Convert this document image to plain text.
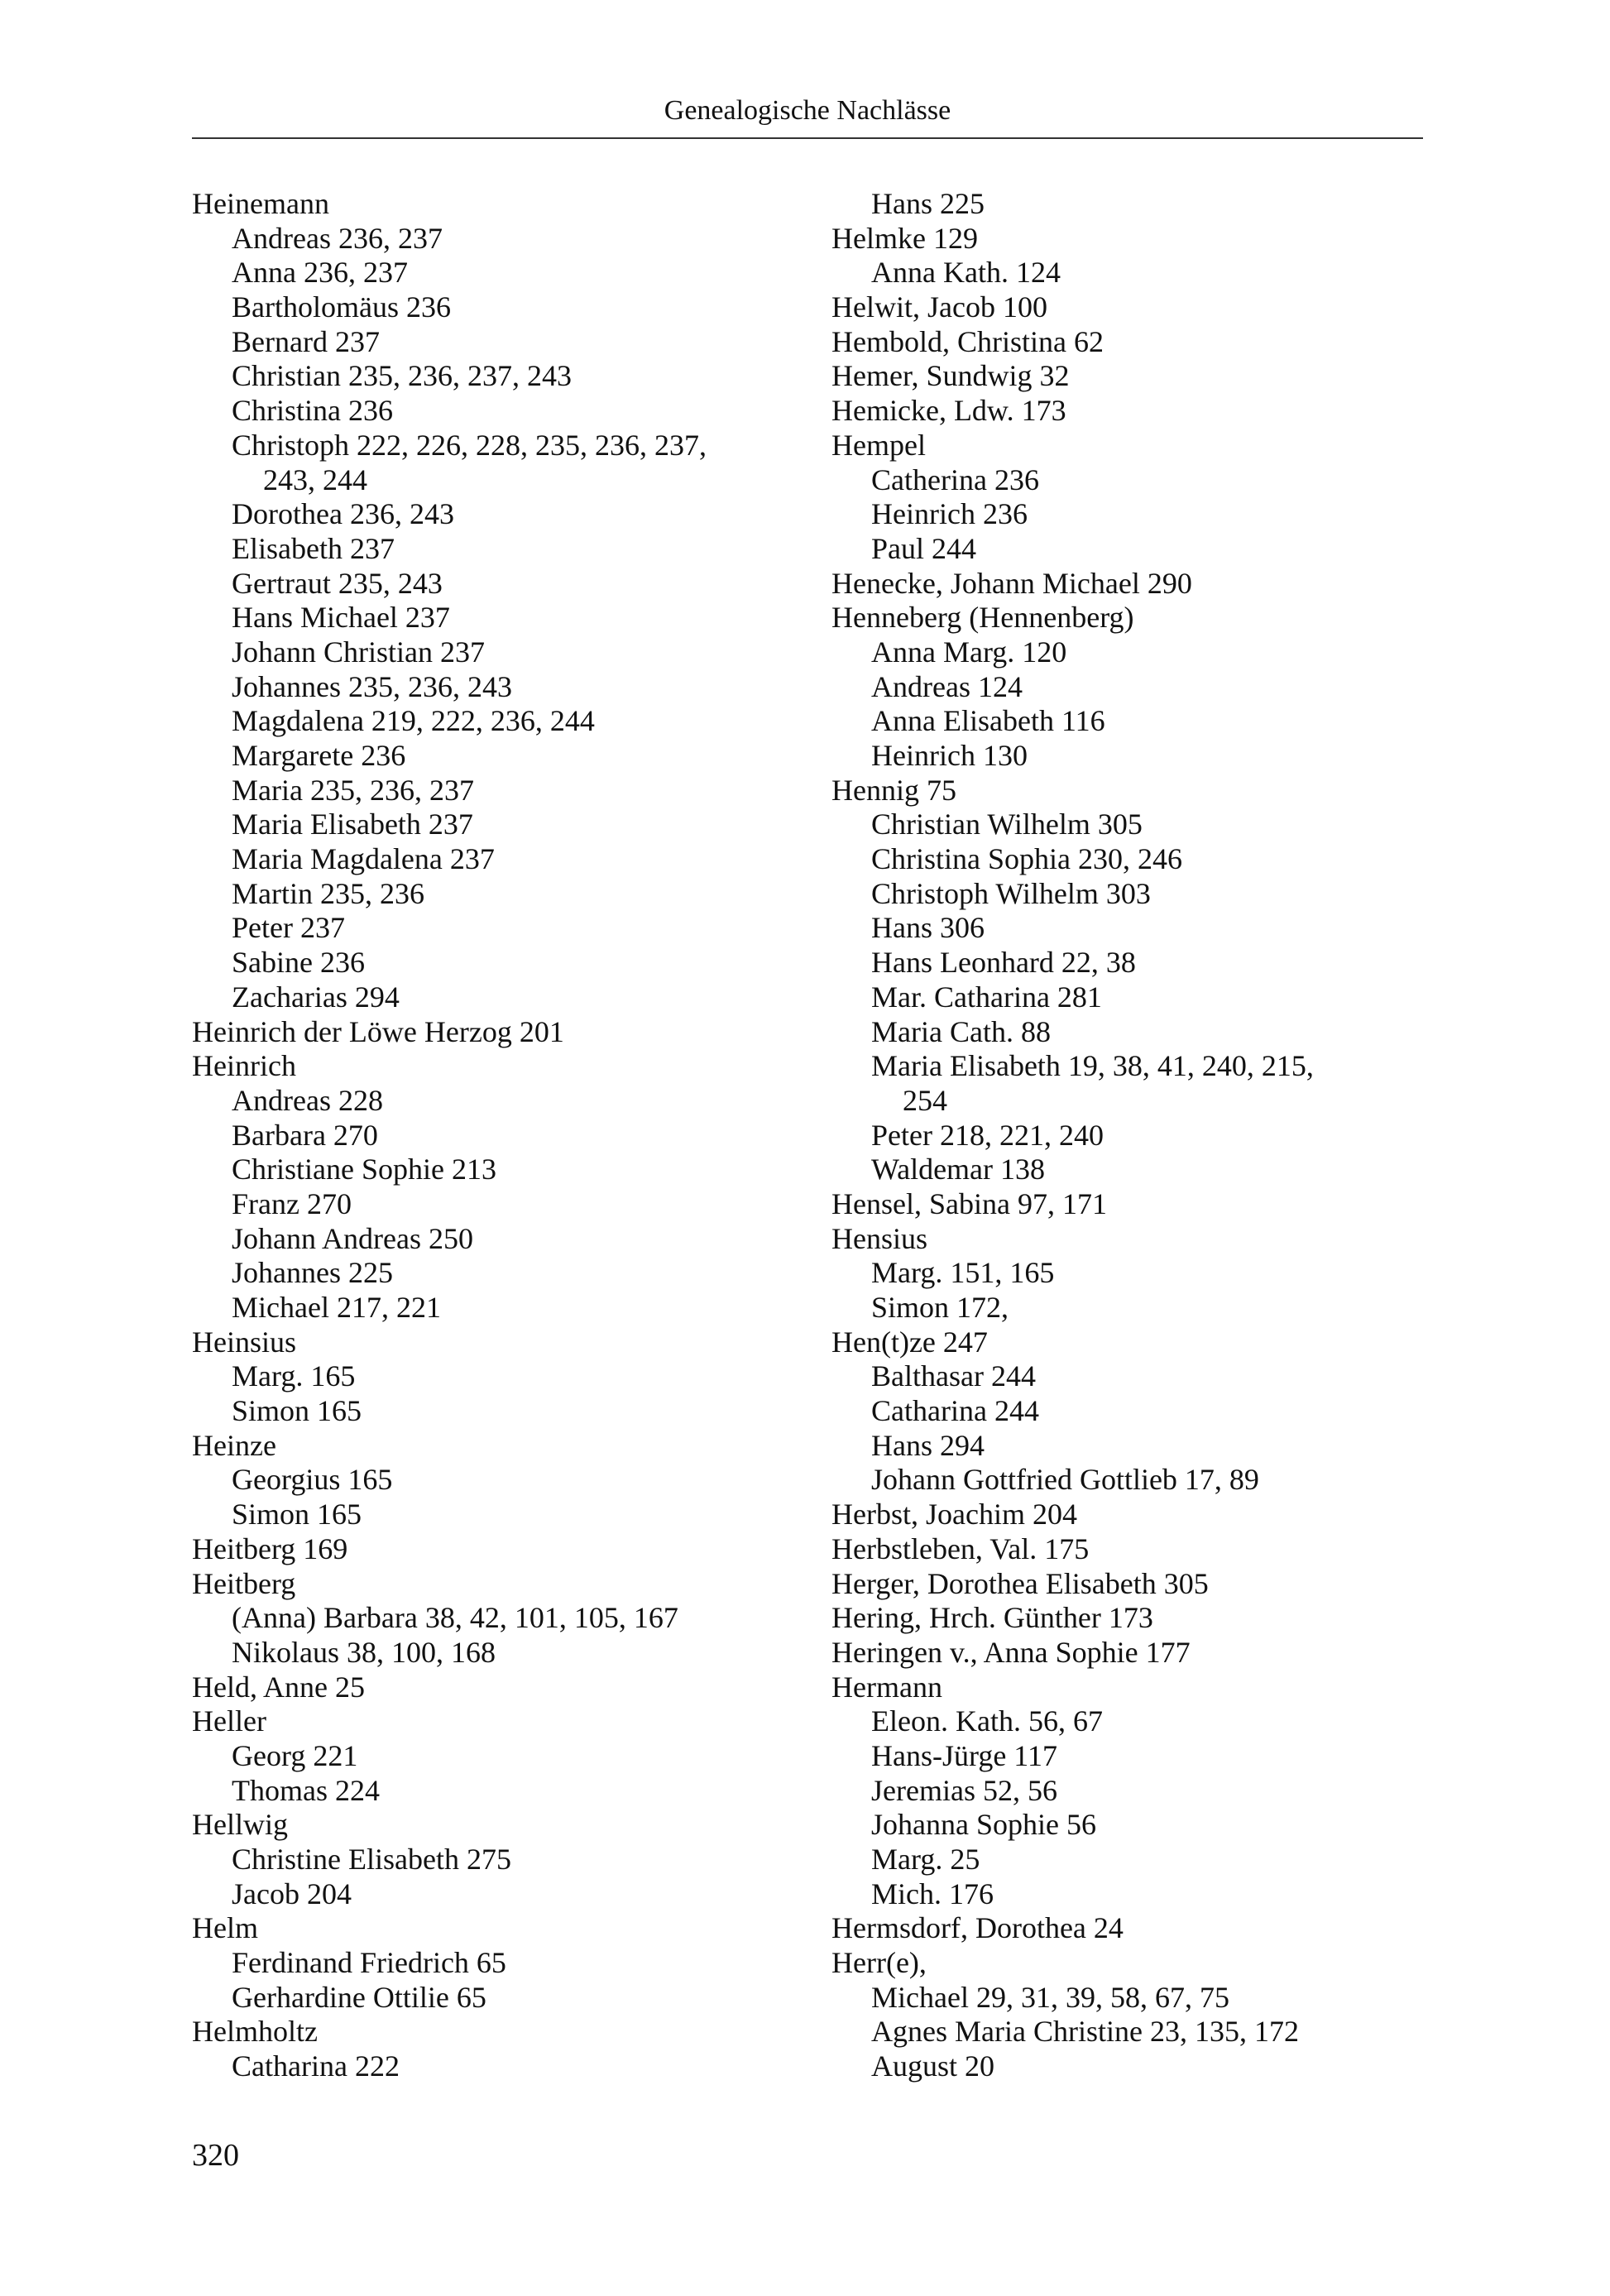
Genealogische Nachlässe
Heinemann
Andreas 236, 237
Anna 236, 237
Bartholomäus 236
Bernard 237
Christian 235, 236, 237, 243
Christina 236
Christoph 222, 226, 228, 235, 236, 237,
243, 244
Dorothea 236, 243
Elisabeth 237
Gertraut 235, 243
Hans Michael 237
Johann Christian 237
Johannes 235, 236, 243
Magdalena 219, 222, 236, 244
Margarete 236
Maria 235, 236, 237
Maria Elisabeth 237
Maria Magdalena 237
Martin 235, 236
Peter 237
Sabine 236
Zacharias 294
Heinrich der Löwe Herzog 201
Heinrich
Andreas 228
Barbara 270
Christiane Sophie 213
Franz 270
Johann Andreas 250
Johannes 225
Michael 217, 221
Heinsius
Marg. 165
Simon 165
Heinze
Georgius 165
Simon 165
Heitberg 169
Heitberg
(Anna) Barbara 38, 42, 101, 105, 167
Nikolaus 38, 100, 168
Held, Anne 25
Heller
Georg 221
Thomas 224
Hellwig
Christine Elisabeth 275
Jacob 204
Helm
Ferdinand Friedrich 65
Gerhardine Ottilie 65
Helmholtz
Catharina 222
Hans 225
Helmke 129
Anna Kath. 124
Helwit, Jacob 100
Hembold, Christina 62
Hemer, Sundwig 32
Hemicke, Ldw. 173
Hempel
Catherina 236
Heinrich 236
Paul 244
Henecke, Johann Michael 290
Henneberg (Hennenberg)
Anna Marg. 120
Andreas 124
Anna Elisabeth 116
Heinrich 130
Hennig 75
Christian Wilhelm 305
Christina Sophia 230, 246
Christoph Wilhelm 303
Hans 306
Hans Leonhard 22, 38
Mar. Catharina 281
Maria Cath. 88
Maria Elisabeth 19, 38, 41, 240, 215,
254
Peter 218, 221, 240
Waldemar 138
Hensel, Sabina 97, 171
Hensius
Marg. 151, 165
Simon 172,
Hen(t)ze 247
Balthasar 244
Catharina 244
Hans 294
Johann Gottfried Gottlieb 17, 89
Herbst, Joachim 204
Herbstleben, Val. 175
Herger, Dorothea Elisabeth 305
Hering, Hrch. Günther 173
Heringen v., Anna Sophie 177
Hermann
Eleon. Kath. 56, 67
Hans-Jürge 117
Jeremias 52, 56
Johanna Sophie 56
Marg. 25
Mich. 176
Hermsdorf, Dorothea 24
Herr(e),
Michael 29, 31, 39, 58, 67, 75
Agnes Maria Christine 23, 135, 172
August 20
320
